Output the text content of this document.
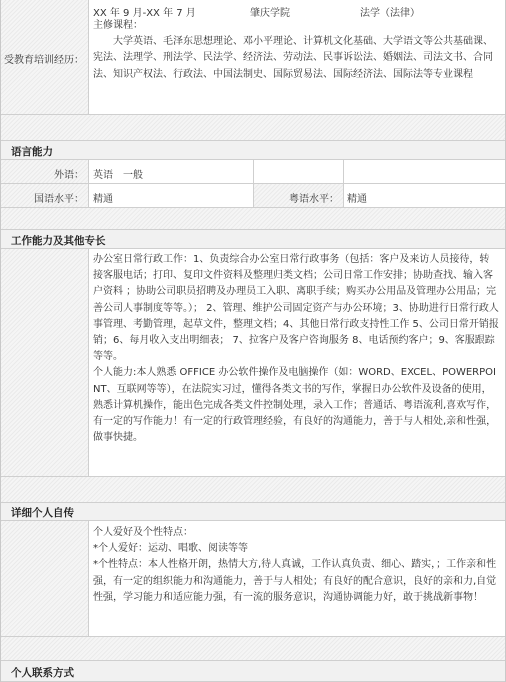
受教育培训经历：
XX 年 9 月-XX 年 7 月	肇庆学院	法学（法律）
主修课程：
大学英语、毛泽东思想理论、邓小平理论、计算机文化基础、大学语文等公共基础课、宪法、法理学、刑法学、民法学、经济法、劳动法、民事诉讼法、婚姻法、司法文书、合同法、知识产权法、行政法、中国法制史、国际贸易法、国际经济法、国际法等专业课程
语言能力
外语： 英语　一般
国语水平： 精通	粤语水平： 精通
工作能力及其他专长
办公室日常行政工作：1、负责综合办公室日常行政事务（包括：客户及来访人员接待，转接客服电话；打印、复印文件资料及整理归类文档；公司日常工作安排；协助查找、输入客户资料 ；协助公司职员招聘及办理员工入职、离职手续；购买办公用品及管理办公用品；完善公司人事制度等等。）； 2、管理、维护公司固定资产与办公环境；3、协助进行日常行政人事管理、考勤管理，起草文件，整理文档；4、其他日常行政支持性工作 5、公司日常开销报销；6、每月收入支出明细表； 7、拉客户及客户咨询服务 8、电话预约客户；9、客服跟踪等等。
个人能力:本人熟悉 OFFICE 办公软件操作及电脑操作（如：WORD、EXCEL、POWERPOINT、互联网等等），在法院实习过，懂得各类文书的写作，掌握日办公软件及设备的使用，熟悉计算机操作，能出色完成各类文件控制处理，录入工作；普通话、粤语流利,喜欢写作，有一定的写作能力！有一定的行政管理经验，有良好的沟通能力，善于与人相处,亲和性强，做事快捷。
详细个人自传
个人爱好及个性特点：
*个人爱好：运动、唱歌、阅读等等
*个性特点：本人性格开朗，热情大方,待人真诚，工作认真负责、细心、踏实，；工作亲和性强，有一定的组织能力和沟通能力，善于与人相处；有良好的配合意识，良好的亲和力,自觉性强，学习能力和适应能力强，有一流的服务意识，沟通协调能力好，敢于挑战新事物！
个人联系方式
